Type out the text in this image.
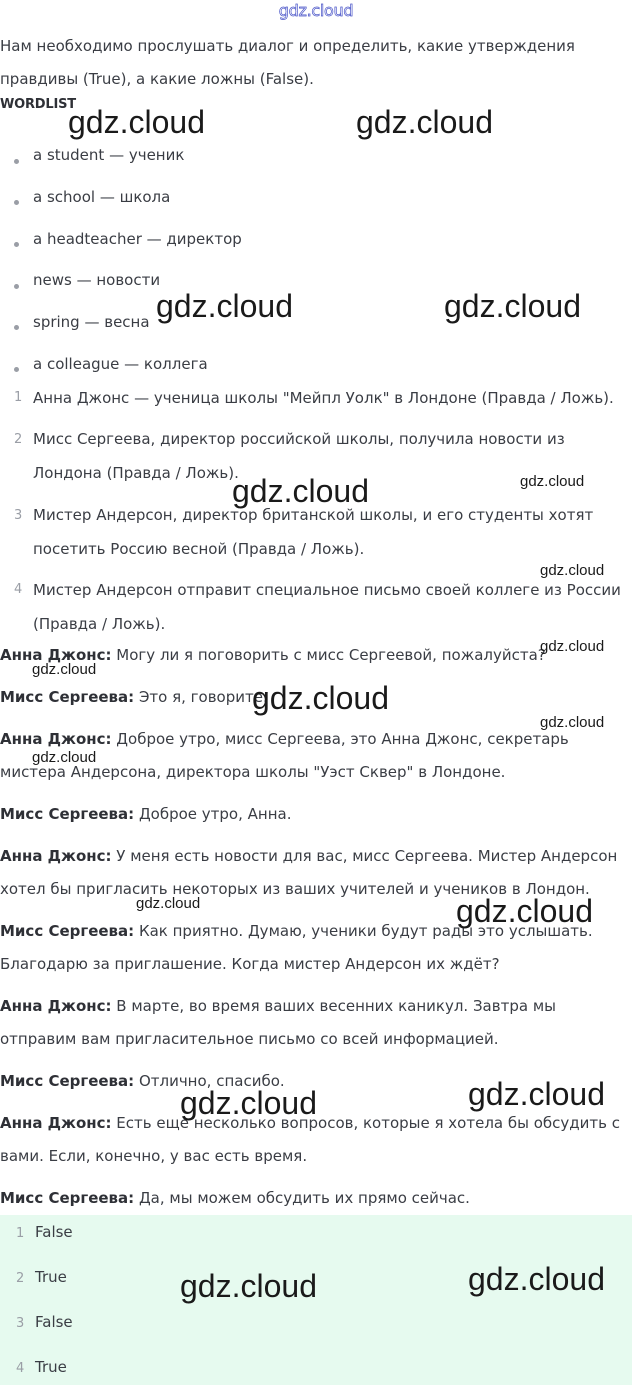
gdz.cloud
Нам необходимо прослушать диалог и определить, какие утверждения правдивы (True), а какие ложны (False).
WORDLIST
a student — ученик
a school — школа
a headteacher — директор
news — новости
spring — весна
a colleague — коллега
1 Анна Джонс — ученица школы "Мейпл Уолк" в Лондоне (Правда / Ложь).
2 Мисс Сергеева, директор российской школы, получила новости из Лондона (Правда / Ложь).
3 Мистер Андерсон, директор британской школы, и его студенты хотят посетить Россию весной (Правда / Ложь).
4 Мистер Андерсон отправит специальное письмо своей коллеге из России (Правда / Ложь).
Анна Джонс: Могу ли я поговорить с мисс Сергеевой, пожалуйста?
Мисс Сергеева: Это я, говорите.
Анна Джонс: Доброе утро, мисс Сергеева, это Анна Джонс, секретарь мистера Андерсона, директора школы "Уэст Сквер" в Лондоне.
Мисс Сергеева: Доброе утро, Анна.
Анна Джонс: У меня есть новости для вас, мисс Сергеева. Мистер Андерсон хотел бы пригласить некоторых из ваших учителей и учеников в Лондон.
Мисс Сергеева: Как приятно. Думаю, ученики будут рады это услышать. Благодарю за приглашение. Когда мистер Андерсон их ждёт?
Анна Джонс: В марте, во время ваших весенних каникул. Завтра мы отправим вам пригласительное письмо со всей информацией.
Мисс Сергеева: Отлично, спасибо.
Анна Джонс: Есть еще несколько вопросов, которые я хотела бы обсудить с вами. Если, конечно, у вас есть время.
Мисс Сергеева: Да, мы можем обсудить их прямо сейчас.
1 False
2 True
3 False
4 True
gdz.cloud	gdz.cloud
gdz.cloud	gdz.cloud
gdz.cloud	gdz.cloud
gdz.cloud
gdz.cloud
gdz.cloud
gdz.cloud
gdz.cloud
gdz.cloud
gdz.cloud	gdz.cloud
gdz.cloud
gdz.cloud
gdz.cloud
gdz.cloud
